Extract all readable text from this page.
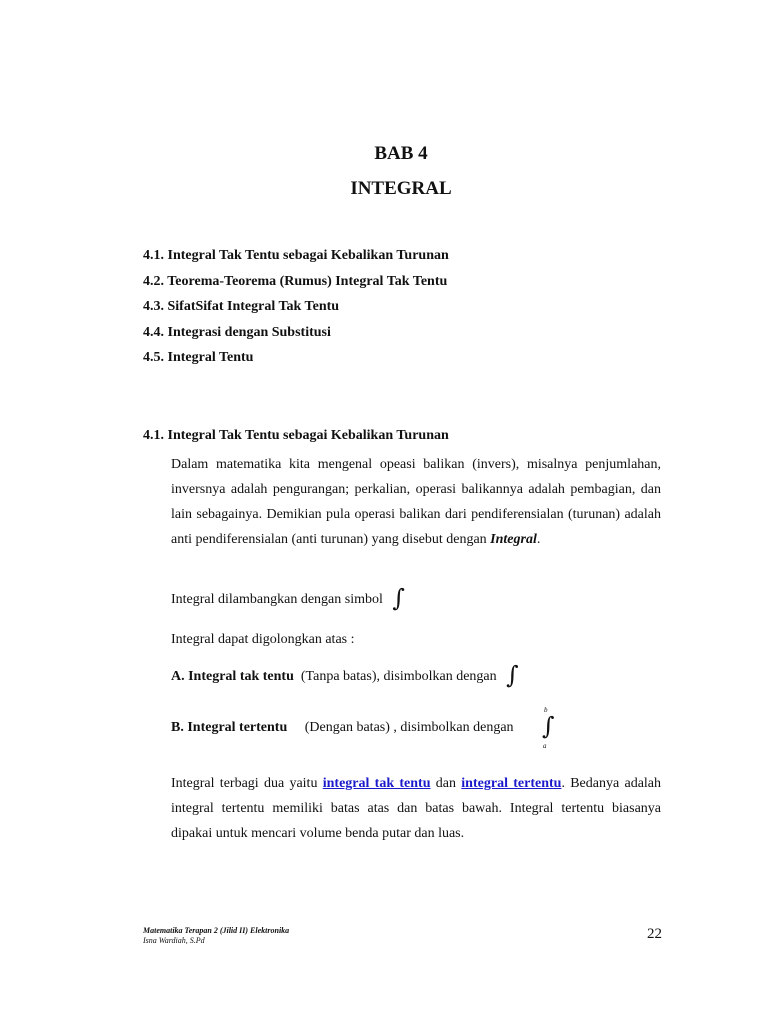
BAB 4
INTEGRAL
4.1. Integral Tak Tentu sebagai Kebalikan Turunan
4.2. Teorema-Teorema (Rumus) Integral Tak Tentu
4.3. SifatSifat Integral Tak Tentu
4.4. Integrasi dengan Substitusi
4.5. Integral Tentu
4.1. Integral Tak Tentu sebagai Kebalikan Turunan

Dalam matematika kita mengenal opeasi balikan (invers), misalnya penjumlahan, inversnya adalah pengurangan; perkalian, operasi balikannya adalah pembagian, dan lain sebagainya. Demikian pula operasi balikan dari pendiferensialan (turunan) adalah anti pendiferensialan (anti turunan) yang disebut dengan Integral.

Integral dilambangkan dengan simbol ∫
Integral dapat digolongkan atas :
A. Integral tak tentu (Tanpa batas), disimbolkan dengan ∫
B. Integral tertentu (Dengan batas) , disimbolkan dengan
b
∫
a

Integral terbagi dua yaitu integral tak tentu dan integral tertentu. Bedanya adalah integral tertentu memiliki batas atas dan batas bawah. Integral tertentu biasanya dipakai untuk mencari volume benda putar dan luas.

Matematika Terapan 2 (Jilid II) Elektronika
Isna Wardiah, S.Pd	22
